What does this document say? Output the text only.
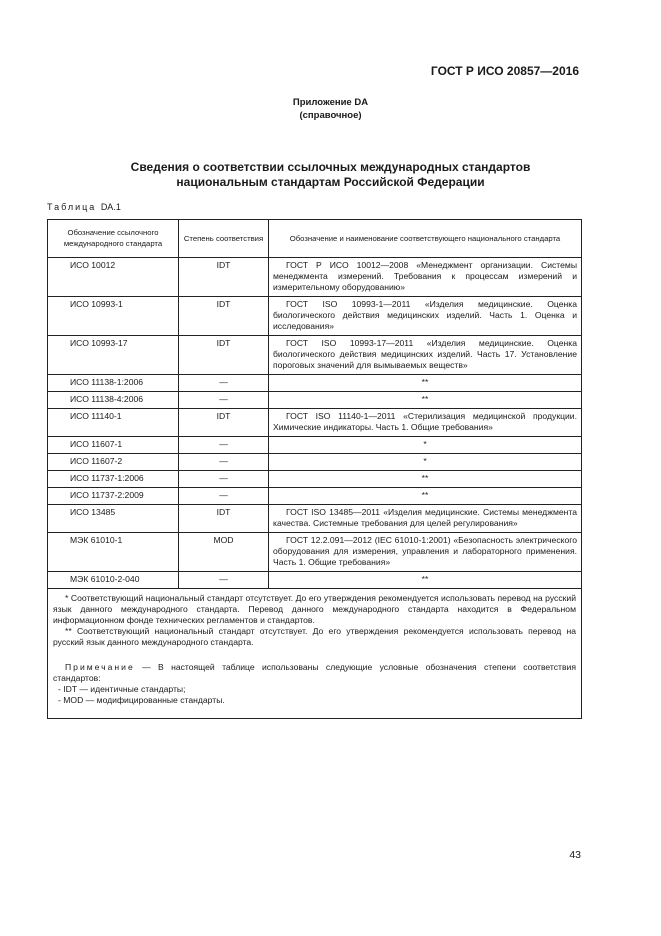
ГОСТ Р ИСО 20857—2016
Приложение DA
(справочное)
Сведения о соответствии ссылочных международных стандартов
национальным стандартам Российской Федерации
Таблица DA.1
Обозначение ссылочного международного стандарта	Степень соответствия	Обозначение и наименование соответствующего национального стандарта
ИСО 10012	IDT	ГОСТ Р ИСО 10012—2008 «Менеджмент организации. Системы менеджмента измерений. Требования к процессам измерений и измерительному оборудованию»
ИСО 10993-1	IDT	ГОСТ ISO 10993-1—2011 «Изделия медицинские. Оценка биологического действия медицинских изделий. Часть 1. Оценка и исследования»
ИСО 10993-17	IDT	ГОСТ ISO 10993-17—2011 «Изделия медицинские. Оценка биологического действия медицинских изделий. Часть 17. Установление пороговых значений для вымываемых веществ»
ИСО 11138-1:2006	—	**
ИСО 11138-4:2006	—	**
ИСО 11140-1	IDT	ГОСТ ISO 11140-1—2011 «Стерилизация медицинской продукции. Химические индикаторы. Часть 1. Общие требования»
ИСО 11607-1	—	*
ИСО 11607-2	—	*
ИСО 11737-1:2006	—	**
ИСО 11737-2:2009	—	**
ИСО 13485	IDT	ГОСТ ISO 13485—2011 «Изделия медицинские. Системы менеджмента качества. Системные требования для целей регулирования»
МЭК 61010-1	MOD	ГОСТ 12.2.091—2012 (IEC 61010-1:2001) «Безопасность электрического оборудования для измерения, управления и лабораторного применения. Часть 1. Общие требования»
МЭК 61010-2-040	—	**

* Соответствующий национальный стандарт отсутствует. До его утверждения рекомендуется использовать перевод на русский язык данного международного стандарта. Перевод данного международного стандарта находится в Федеральном информационном фонде технических регламентов и стандартов.

** Соответствующий национальный стандарт отсутствует. До его утверждения рекомендуется использовать перевод на русский язык данного международного стандарта.

Примечание — В настоящей таблице использованы следующие условные обозначения степени соответствия стандартов:

- IDT — идентичные стандарты;

- MOD — модифицированные стандарты.		

43
